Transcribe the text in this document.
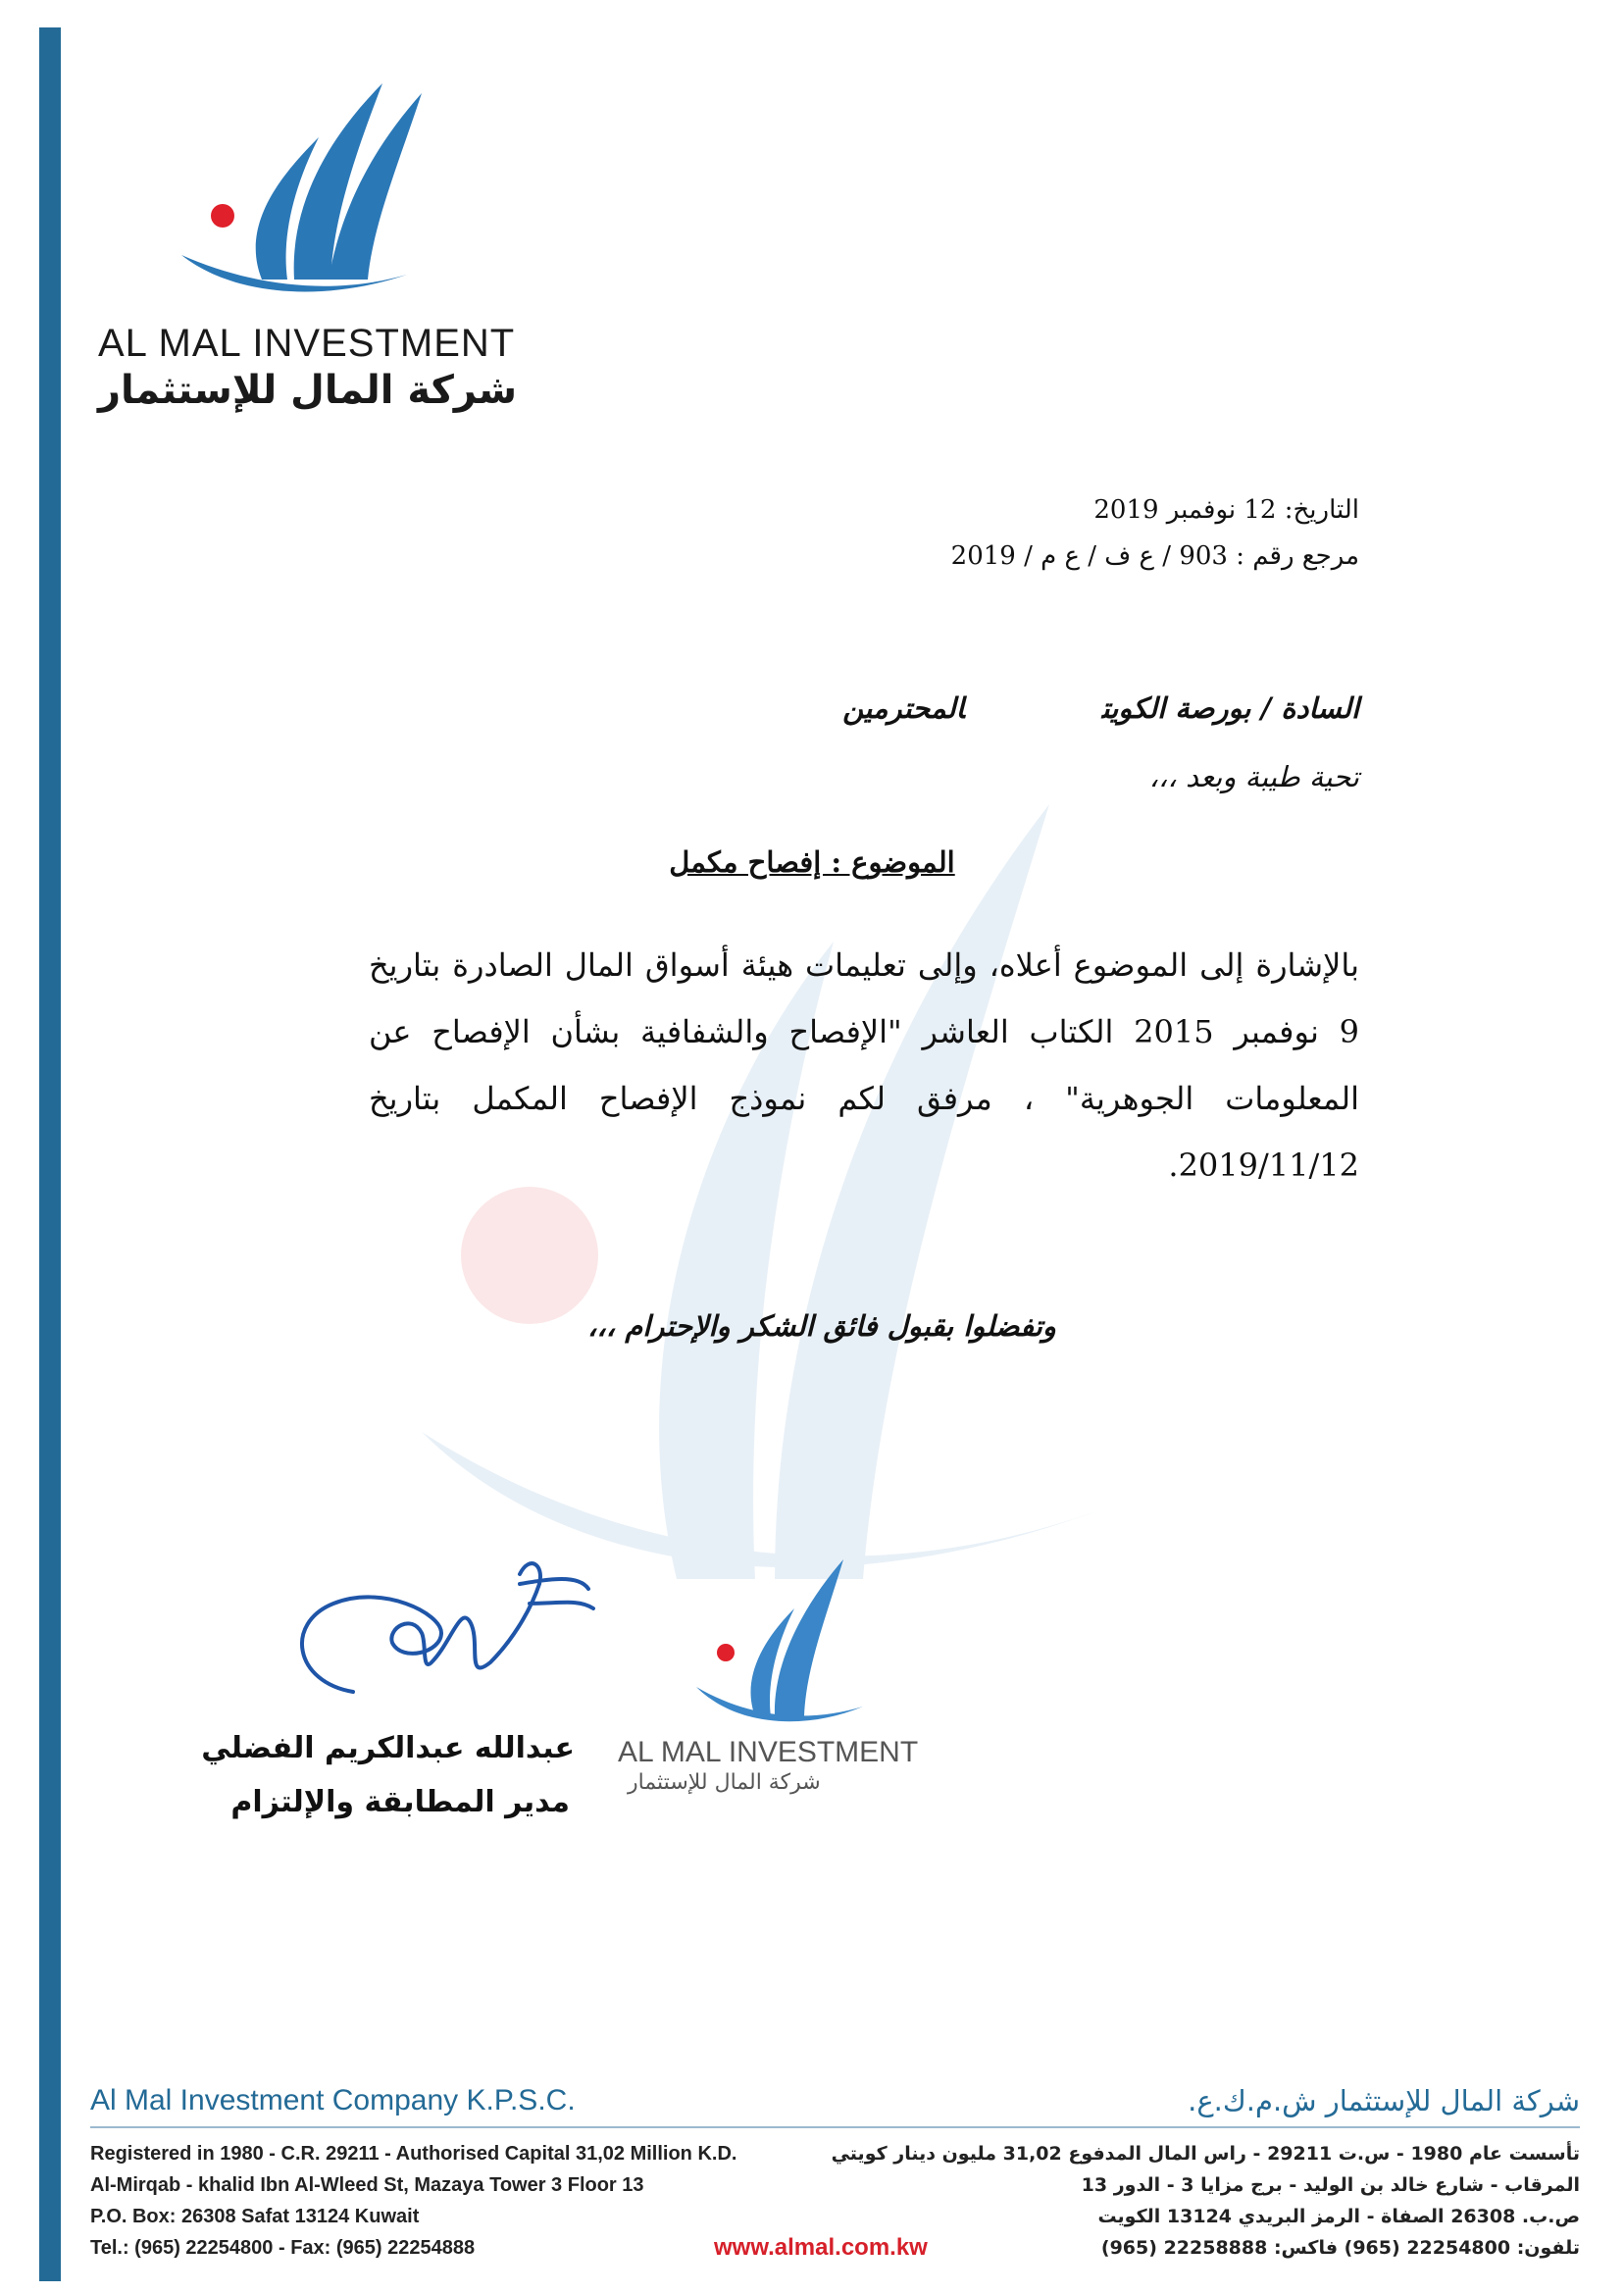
AL MAL INVESTMENT
شركة المال للإستثمار
التاريخ: 12 نوفمبر 2019
مرجع رقم : 903 / ع ف / ع م / 2019
السادة / بورصة الكويتالمحترمين
تحية طيبة وبعد ،،،
الموضوع : إفصاح مكمل
بالإشارة إلى الموضوع أعلاه، وإلى تعليمات هيئة أسواق المال الصادرة بتاريخ 9 نوفمبر 2015 الكتاب العاشر "الإفصاح والشفافية بشأن الإفصاح عن المعلومات الجوهرية" ، مرفق لكم نموذج الإفصاح المكمل بتاريخ 2019/11/12.
وتفضلوا بقبول فائق الشكر والإحترام ،،،
AL MAL INVESTMENT
شركة المال للإستثمار
عبدالله عبدالكريم الفضلي
مدير المطابقة والإلتزام
Al Mal Investment Company K.P.S.C.	شركة المال للإستثمار ش.م.ك.ع.
Registered in 1980 - C.R. 29211 - Authorised Capital 31,02 Million K.D.
Al-Mirqab - khalid Ibn Al-Wleed St, Mazaya Tower 3 Floor 13
P.O. Box: 26308 Safat 13124 Kuwait
Tel.: (965) 22254800 - Fax: (965) 22254888
تأسست عام 1980 - س.ت 29211 - راس المال المدفوع 31,02 مليون دينار كويتي
المرقاب - شارع خالد بن الوليد - برج مزايا 3 - الدور 13
ص.ب. 26308 الصفاة - الرمز البريدي 13124 الكويت
تلفون: 22254800 (965) فاكس: 22258888 (965)
www.almal.com.kw
